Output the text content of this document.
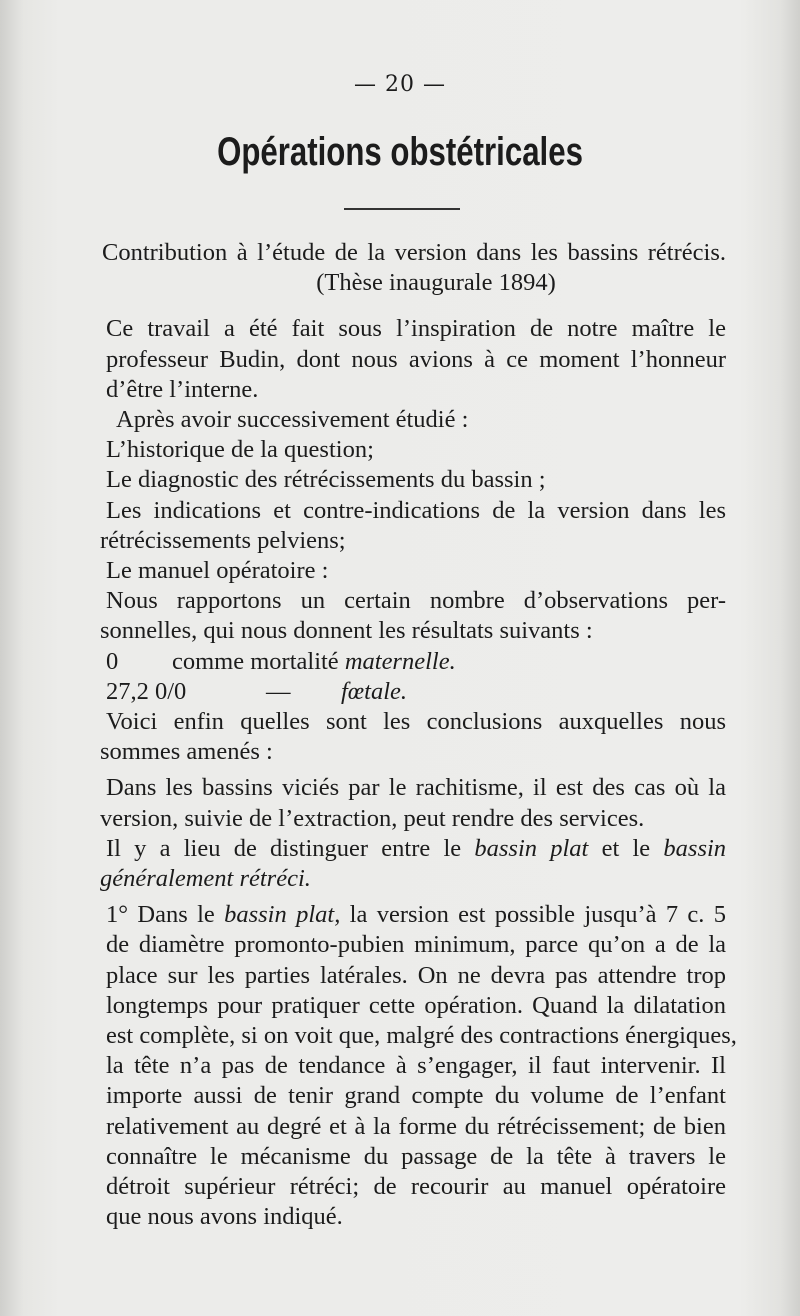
— 20 —
Opérations obstétricales
Contribution à l’étude de la version dans les bassins rétrécis.
(Thèse inaugurale 1894)
Ce travail a été fait sous l’inspiration de notre maître le
professeur Budin, dont nous avions à ce moment l’honneur
d’être l’interne.
Après avoir successivement étudié :
L’historique de la question;
Le diagnostic des rétrécissements du bassin ;
Les indications et contre-indications de la version dans les
rétrécissements pelviens;
Le manuel opératoire :
Nous rapportons un certain nombre d’observations per-
sonnelles, qui nous donnent les résultats suivants :
0 comme mortalité maternelle.
27,2 0/0	— fœtale.
Voici enfin quelles sont les conclusions auxquelles nous
sommes amenés :
Dans les bassins viciés par le rachitisme, il est des cas où la
version, suivie de l’extraction, peut rendre des services.
Il y a lieu de distinguer entre le bassin plat et le bassin
généralement rétréci.
1° Dans le bassin plat, la version est possible jusqu’à 7 c. 5
de diamètre promonto-pubien minimum, parce qu’on a de la
place sur les parties latérales. On ne devra pas attendre trop
longtemps pour pratiquer cette opération. Quand la dilatation
est complète, si on voit que, malgré des contractions énergiques,
la tête n’a pas de tendance à s’engager, il faut intervenir. Il
importe aussi de tenir grand compte du volume de l’enfant
relativement au degré et à la forme du rétrécissement; de bien
connaître le mécanisme du passage de la tête à travers le
détroit supérieur rétréci; de recourir au manuel opératoire
que nous avons indiqué.
